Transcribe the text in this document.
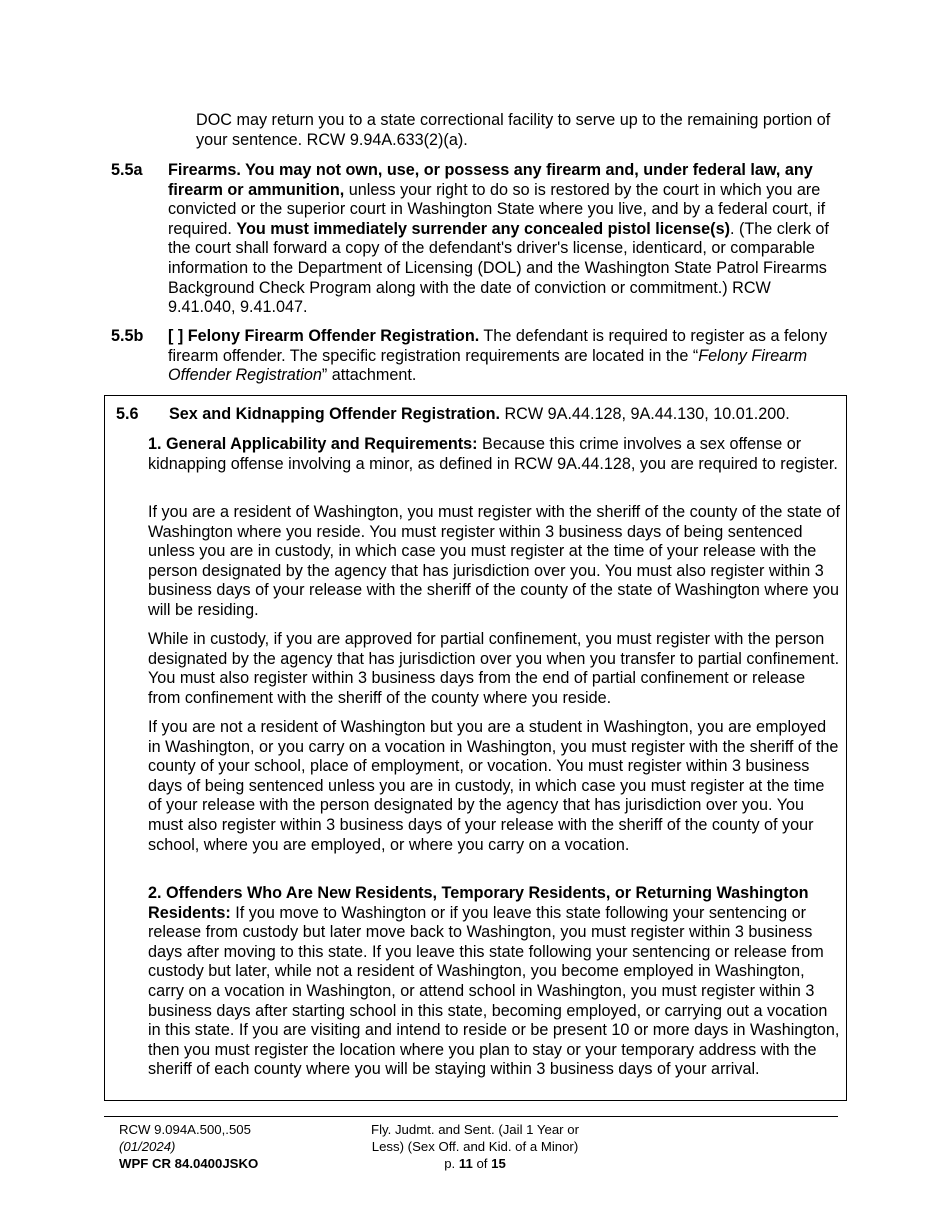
DOC may return you to a state correctional facility to serve up to the remaining portion of your sentence. RCW 9.94A.633(2)(a).

5.5a Firearms. You may not own, use, or possess any firearm and, under federal law, any firearm or ammunition, unless your right to do so is restored by the court in which you are convicted or the superior court in Washington State where you live, and by a federal court, if required. You must immediately surrender any concealed pistol license(s). (The clerk of the court shall forward a copy of the defendant's driver's license, identicard, or comparable information to the Department of Licensing (DOL) and the Washington State Patrol Firearms Background Check Program along with the date of conviction or commitment.) RCW 9.41.040, 9.41.047.

5.5b [ ] Felony Firearm Offender Registration. The defendant is required to register as a felony firearm offender. The specific registration requirements are located in the “Felony Firearm Offender Registration” attachment.

5.6 Sex and Kidnapping Offender Registration. RCW 9A.44.128, 9A.44.130, 10.01.200.

1. General Applicability and Requirements: Because this crime involves a sex offense or kidnapping offense involving a minor, as defined in RCW 9A.44.128, you are required to register.

If you are a resident of Washington, you must register with the sheriff of the county of the state of Washington where you reside. You must register within 3 business days of being sentenced unless you are in custody, in which case you must register at the time of your release with the person designated by the agency that has jurisdiction over you. You must also register within 3 business days of your release with the sheriff of the county of the state of Washington where you will be residing.

While in custody, if you are approved for partial confinement, you must register with the person designated by the agency that has jurisdiction over you when you transfer to partial confinement. You must also register within 3 business days from the end of partial confinement or release from confinement with the sheriff of the county where you reside.

If you are not a resident of Washington but you are a student in Washington, you are employed in Washington, or you carry on a vocation in Washington, you must register with the sheriff of the county of your school, place of employment, or vocation. You must register within 3 business days of being sentenced unless you are in custody, in which case you must register at the time of your release with the person designated by the agency that has jurisdiction over you. You must also register within 3 business days of your release with the sheriff of the county of your school, where you are employed, or where you carry on a vocation.

2. Offenders Who Are New Residents, Temporary Residents, or Returning Washington Residents: If you move to Washington or if you leave this state following your sentencing or release from custody but later move back to Washington, you must register within 3 business days after moving to this state. If you leave this state following your sentencing or release from custody but later, while not a resident of Washington, you become employed in Washington, carry on a vocation in Washington, or attend school in Washington, you must register within 3 business days after starting school in this state, becoming employed, or carrying out a vocation in this state. If you are visiting and intend to reside or be present 10 or more days in Washington, then you must register the location where you plan to stay or your temporary address with the sheriff of each county where you will be staying within 3 business days of your arrival.

RCW 9.094A.500,.505
(01/2024)
WPF CR 84.0400JSKO
Fly. Judmt. and Sent. (Jail 1 Year or
Less) (Sex Off. and Kid. of a Minor)
p. 11 of 15
